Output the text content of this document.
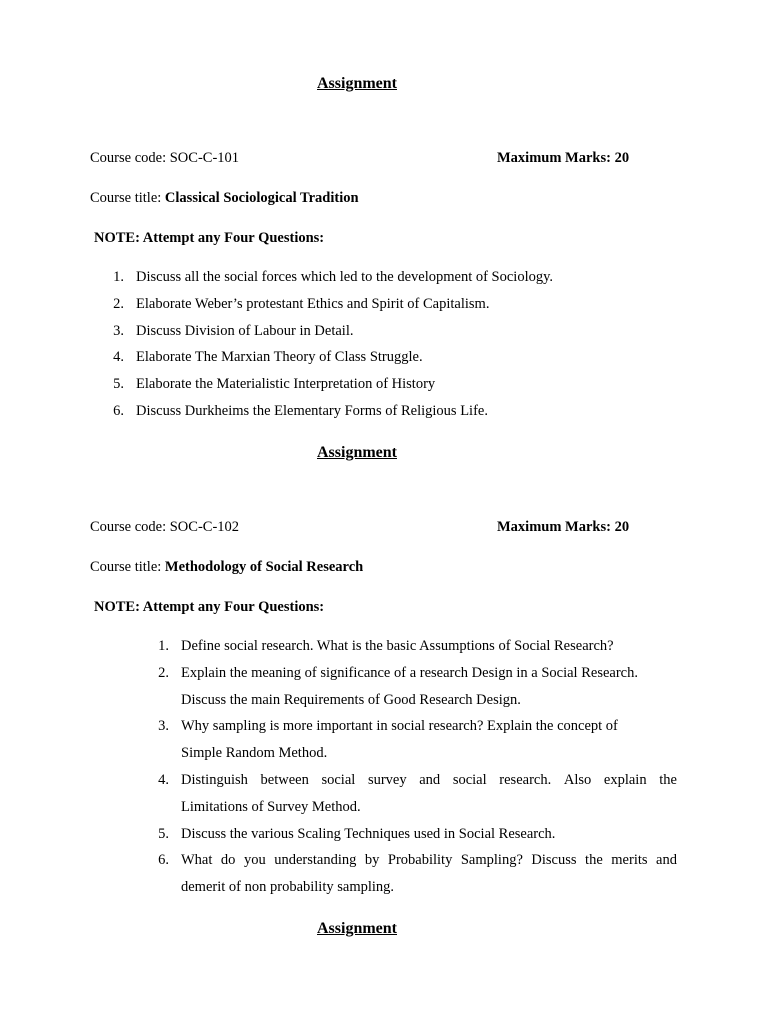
Assignment
Course code: SOC-C-101	Maximum Marks: 20
Course title: Classical Sociological Tradition
NOTE: Attempt any Four Questions:
1. Discuss all the social forces which led to the development of Sociology.
2. Elaborate Weber’s protestant Ethics and Spirit of Capitalism.
3. Discuss Division of Labour in Detail.
4. Elaborate The Marxian Theory of Class Struggle.
5. Elaborate the Materialistic Interpretation of History
6. Discuss Durkheims the Elementary Forms of Religious Life.
Assignment
Course code: SOC-C-102	Maximum Marks: 20
Course title: Methodology of Social Research
NOTE: Attempt any Four Questions:
1. Define social research. What is the basic Assumptions of Social Research?
2. Explain the meaning of significance of a research Design in a Social Research.
Discuss the main Requirements of Good Research Design.
3. Why sampling is more important in social research? Explain the concept of
Simple Random Method.
4. Distinguish between social survey and social research. Also explain the
Limitations of Survey Method.
5. Discuss the various Scaling Techniques used in Social Research.
6. What do you understanding by Probability Sampling? Discuss the merits and
demerit of non probability sampling.
Assignment
